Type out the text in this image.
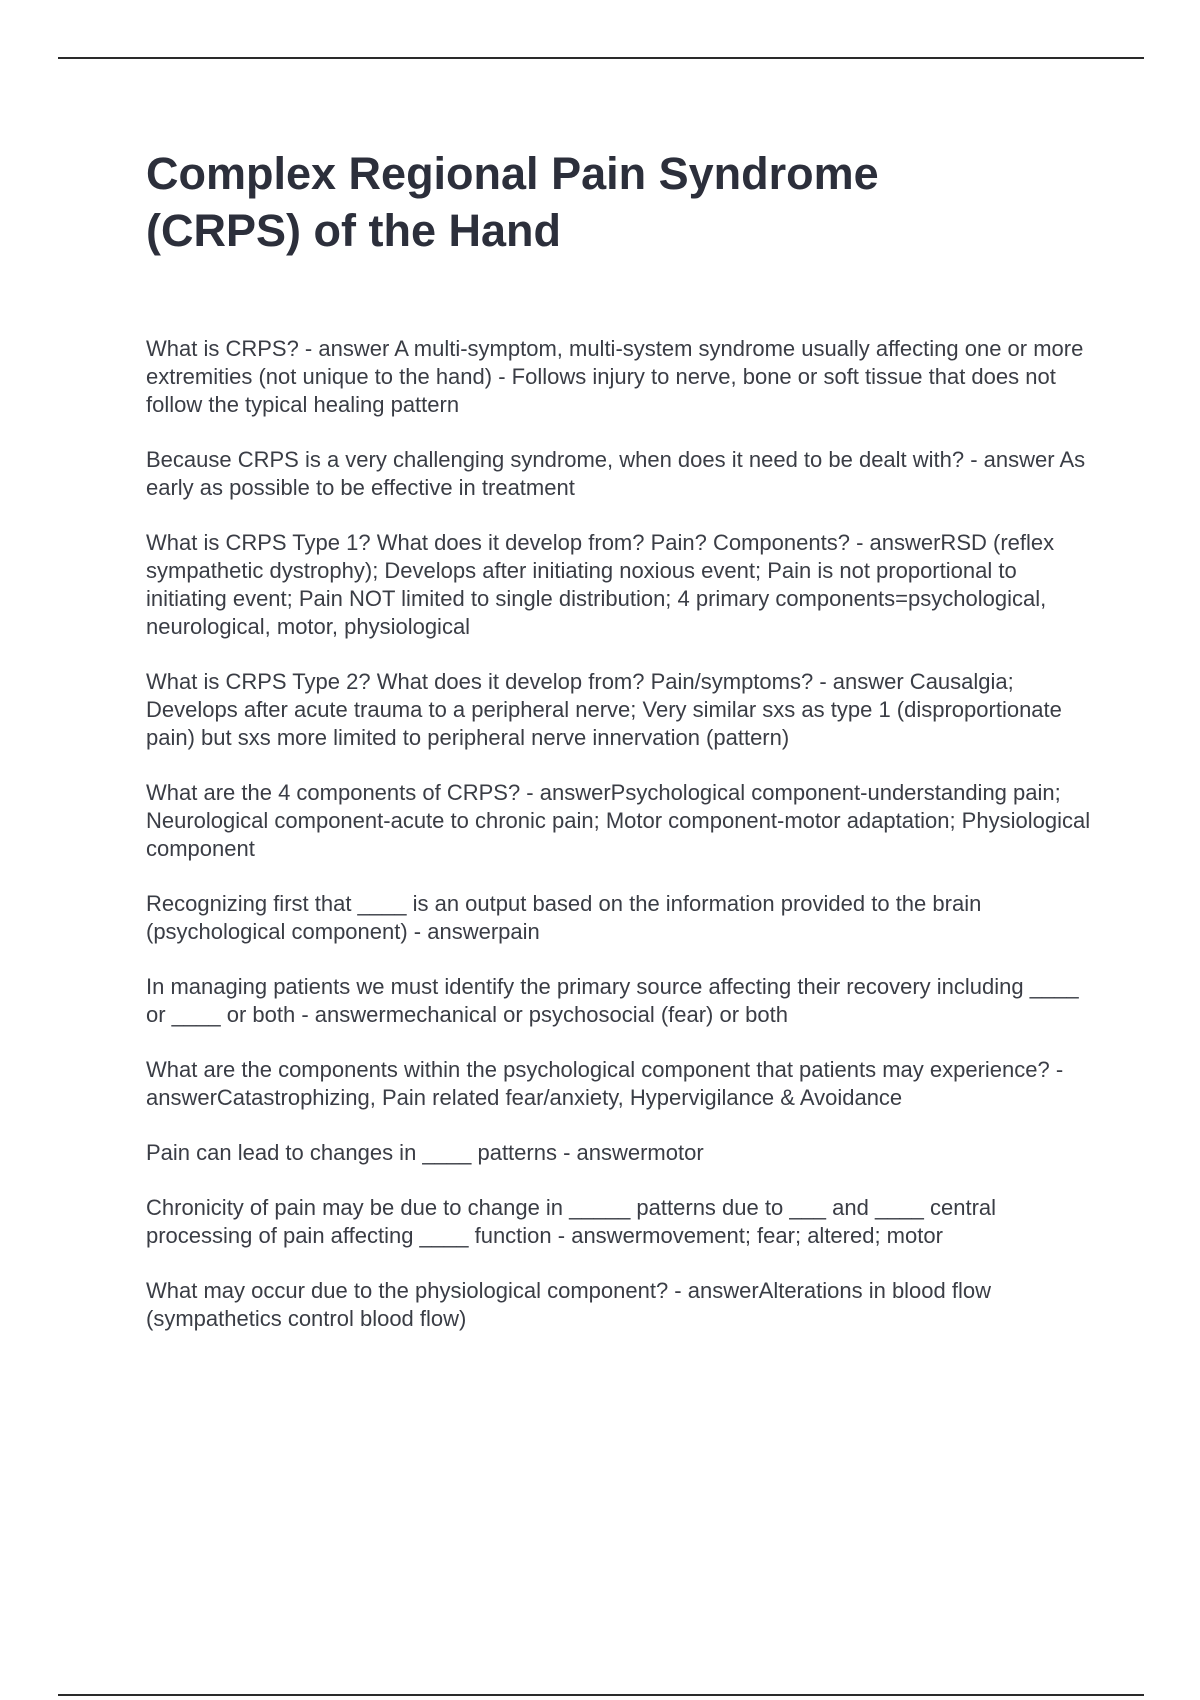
Complex Regional Pain Syndrome
(CRPS) of the Hand

What is CRPS? - answer A multi-symptom, multi-system syndrome usually affecting one or more extremities (not unique to the hand) - Follows injury to nerve, bone or soft tissue that does not follow the typical healing pattern

Because CRPS is a very challenging syndrome, when does it need to be dealt with? - answer As early as possible to be effective in treatment

What is CRPS Type 1? What does it develop from? Pain? Components? - answerRSD (reflex sympathetic dystrophy); Develops after initiating noxious event; Pain is not proportional to initiating event; Pain NOT limited to single distribution; 4 primary components=psychological, neurological, motor, physiological

What is CRPS Type 2? What does it develop from? Pain/symptoms? - answer Causalgia; Develops after acute trauma to a peripheral nerve; Very similar sxs as type 1 (disproportionate pain) but sxs more limited to peripheral nerve innervation (pattern)

What are the 4 components of CRPS? - answerPsychological component-understanding pain; Neurological component-acute to chronic pain; Motor component-motor adaptation; Physiological component

Recognizing first that ____ is an output based on the information provided to the brain (psychological component) - answerpain

In managing patients we must identify the primary source affecting their recovery including ____ or ____ or both - answermechanical or psychosocial (fear) or both

What are the components within the psychological component that patients may experience? - answerCatastrophizing, Pain related fear/anxiety, Hypervigilance & Avoidance

Pain can lead to changes in ____ patterns - answermotor

Chronicity of pain may be due to change in _____ patterns due to ___ and ____ central processing of pain affecting ____ function - answermovement; fear; altered; motor

What may occur due to the physiological component? - answerAlterations in blood flow (sympathetics control blood flow)
